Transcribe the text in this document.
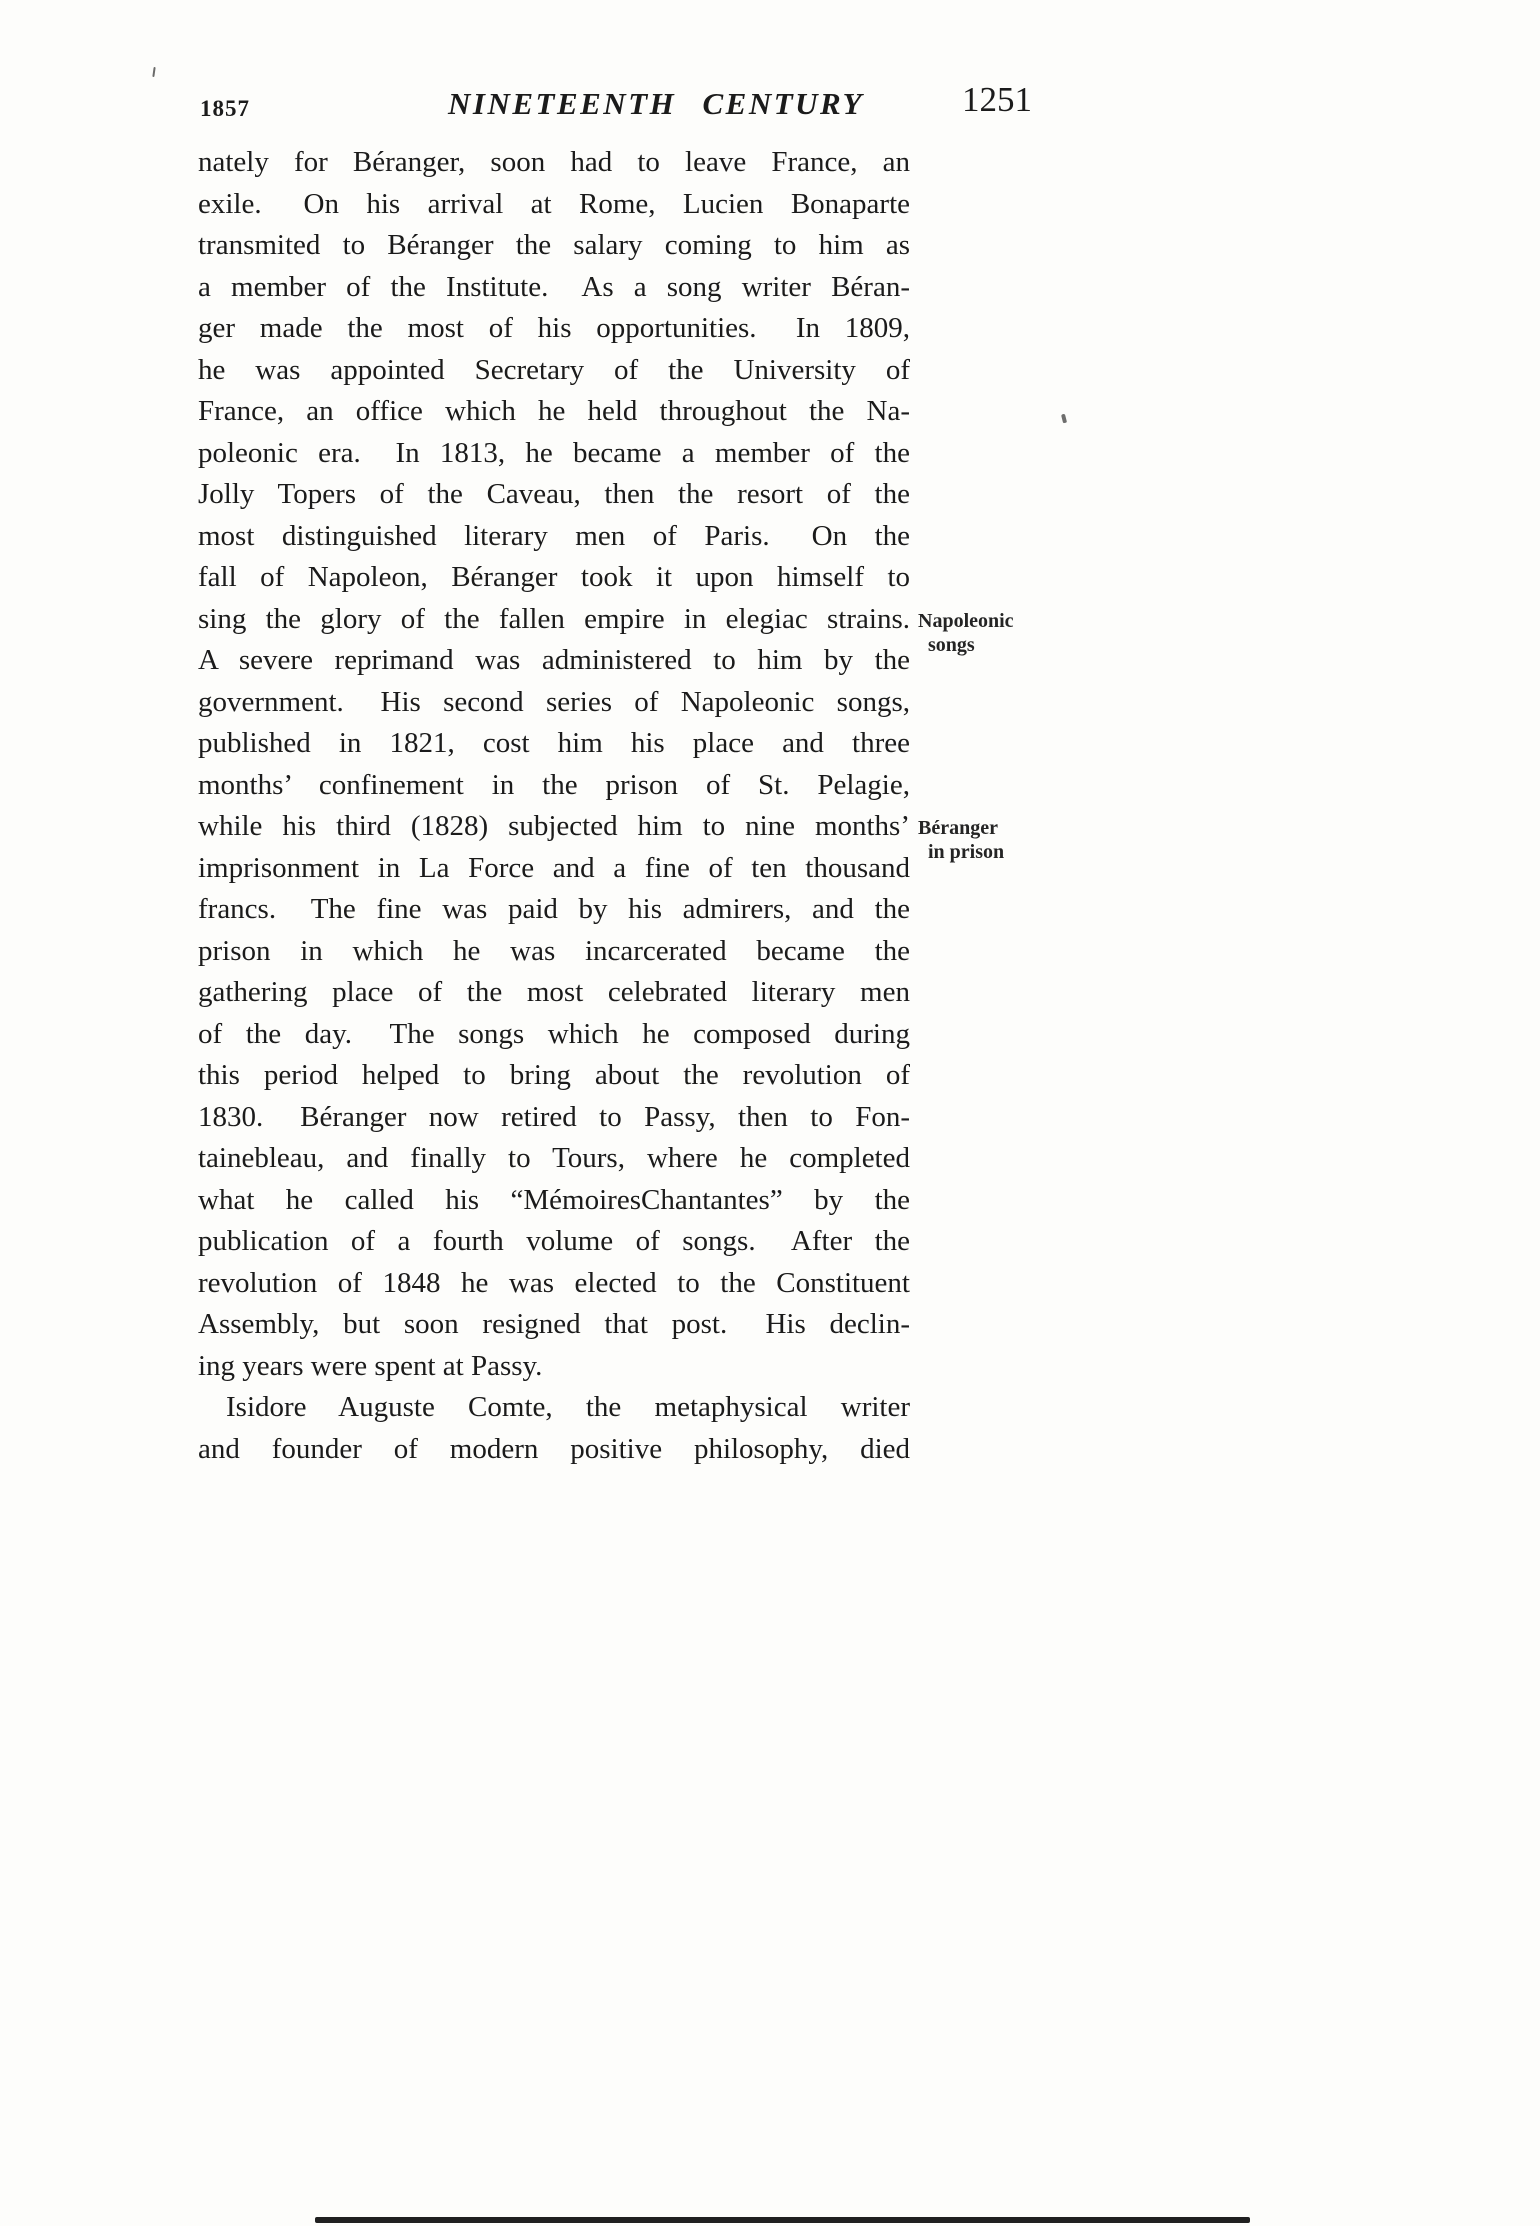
1857	NINETEENTH CENTURY	1251
nately for Béranger, soon had to leave France, an
exile.  On his arrival at Rome, Lucien Bonaparte
transmited to Béranger the salary coming to him as
a member of the Institute.  As a song writer Béran-
ger made the most of his opportunities.  In 1809,
he was appointed Secretary of the University of
France, an office which he held throughout the Na-
poleonic era.  In 1813, he became a member of the
Jolly Topers of the Caveau, then the resort of the
most distinguished literary men of Paris.  On the
fall of Napoleon, Béranger took it upon himself to
sing the glory of the fallen empire in elegiac strains.
A severe reprimand was administered to him by the
government.  His second series of Napoleonic songs,
published in 1821, cost him his place and three
months’ confinement in the prison of St. Pelagie,
while his third (1828) subjected him to nine months’
imprisonment in La Force and a fine of ten thousand
francs.  The fine was paid by his admirers, and the
prison in which he was incarcerated became the
gathering place of the most celebrated literary men
of the day.  The songs which he composed during
this period helped to bring about the revolution of
1830.  Béranger now retired to Passy, then to Fon-
tainebleau, and finally to Tours, where he completed
what he called his “MémoiresChantantes” by the
publication of a fourth volume of songs.  After the
revolution of 1848 he was elected to the Constituent
Assembly, but soon resigned that post.  His declin-
ing years were spent at Passy.
Isidore Auguste Comte, the metaphysical writer
and founder of modern positive philosophy, died
Napoleonic
songs
Béranger
in prison
